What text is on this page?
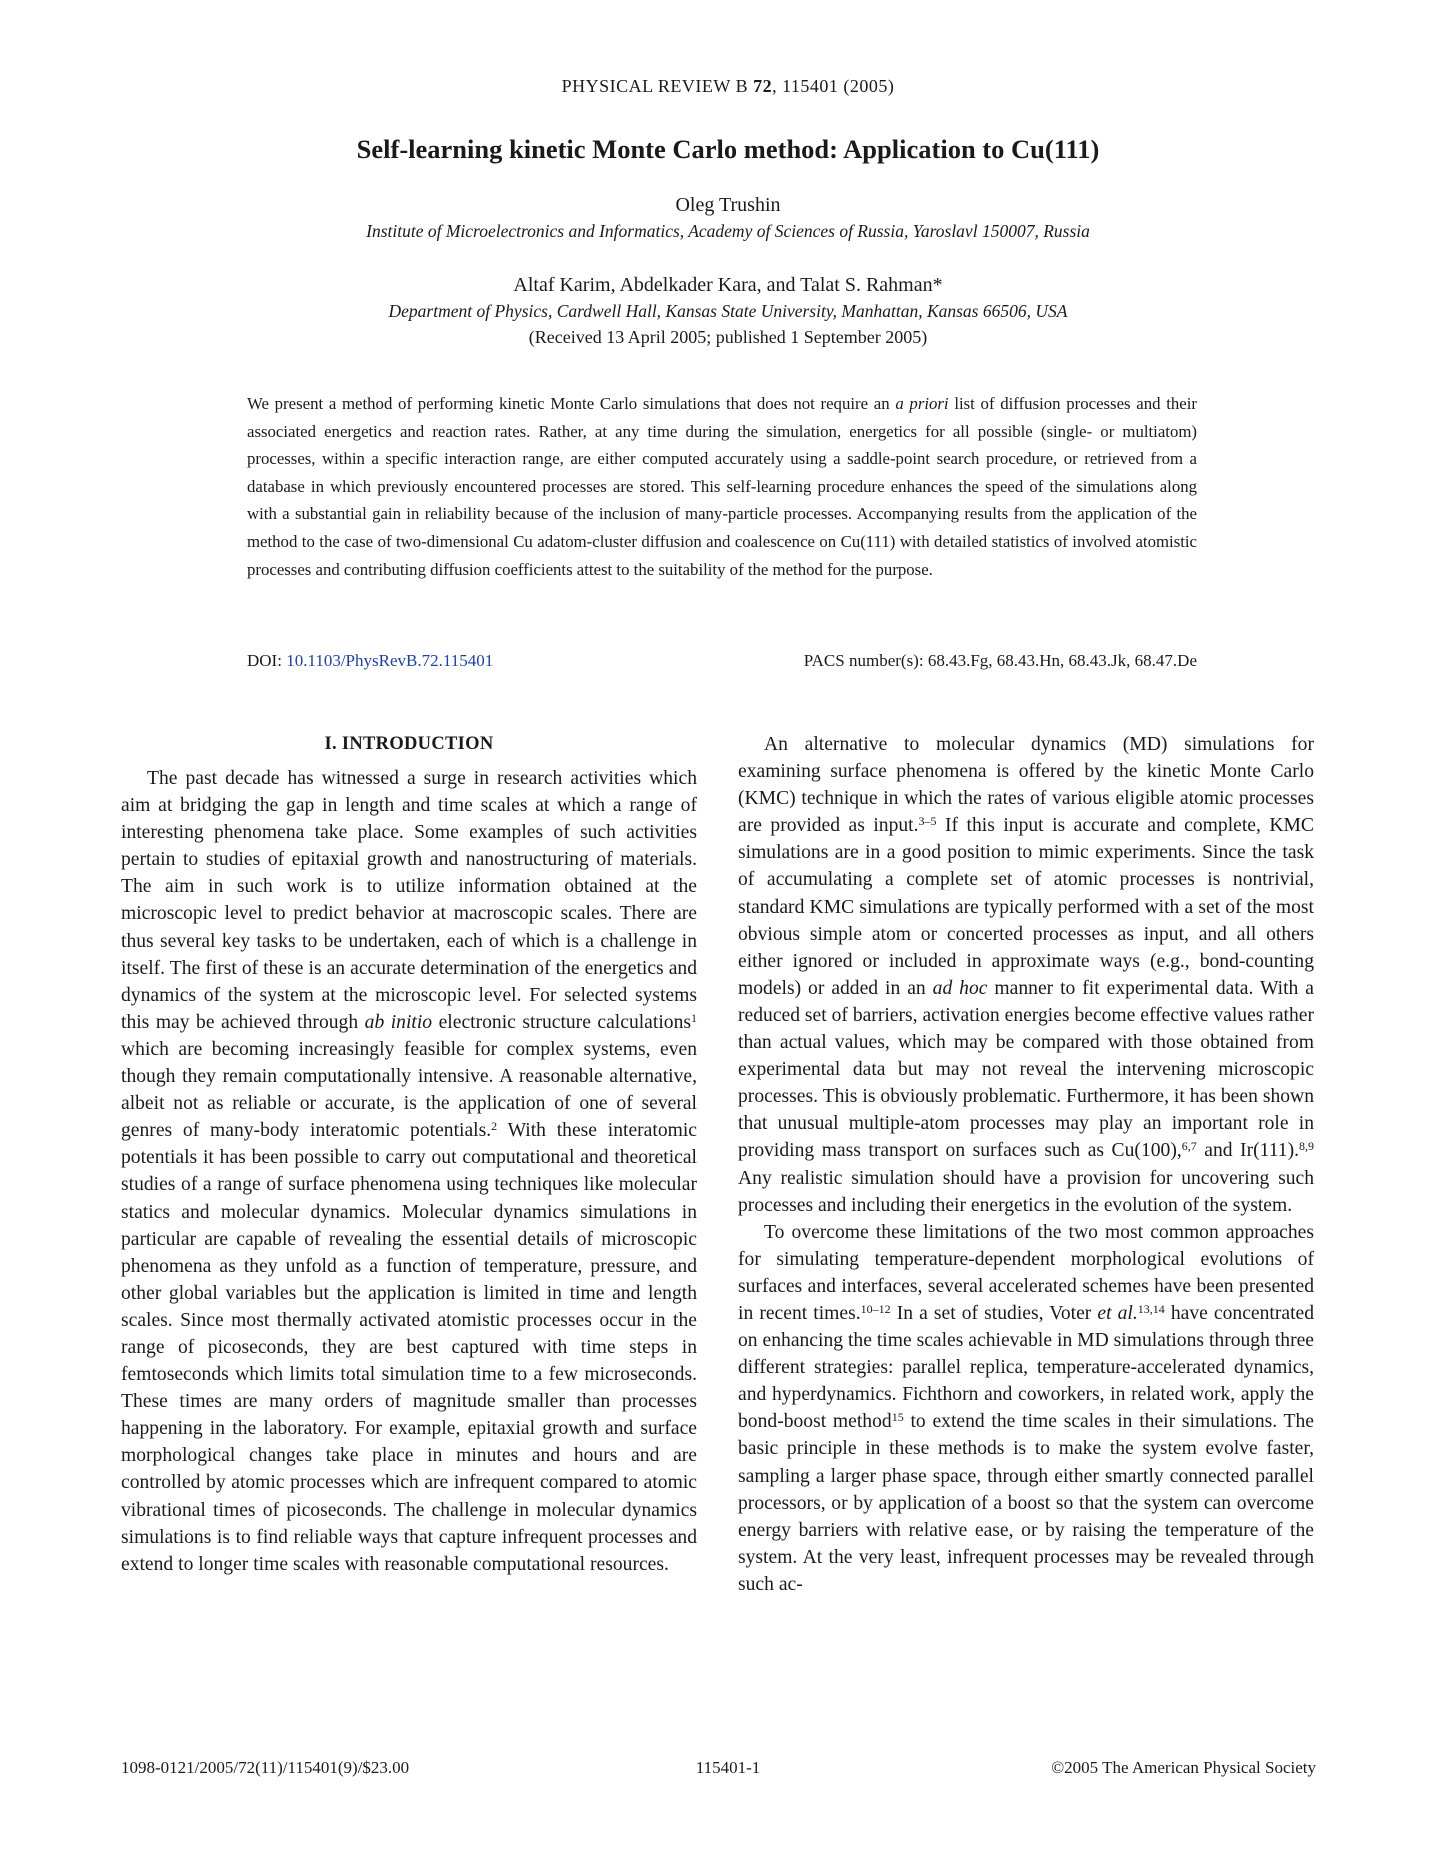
PHYSICAL REVIEW B 72, 115401 (2005)
Self-learning kinetic Monte Carlo method: Application to Cu(111)
Oleg Trushin
Institute of Microelectronics and Informatics, Academy of Sciences of Russia, Yaroslavl 150007, Russia
Altaf Karim, Abdelkader Kara, and Talat S. Rahman*
Department of Physics, Cardwell Hall, Kansas State University, Manhattan, Kansas 66506, USA
(Received 13 April 2005; published 1 September 2005)
We present a method of performing kinetic Monte Carlo simulations that does not require an a priori list of diffusion processes and their associated energetics and reaction rates. Rather, at any time during the simulation, energetics for all possible (single- or multiatom) processes, within a specific interaction range, are either computed accurately using a saddle-point search procedure, or retrieved from a database in which previously encountered processes are stored. This self-learning procedure enhances the speed of the simulations along with a substantial gain in reliability because of the inclusion of many-particle processes. Accompanying results from the application of the method to the case of two-dimensional Cu adatom-cluster diffusion and coalescence on Cu(111) with detailed statistics of involved atomistic processes and contributing diffusion coefficients attest to the suitability of the method for the purpose.
DOI: 10.1103/PhysRevB.72.115401	PACS number(s): 68.43.Fg, 68.43.Hn, 68.43.Jk, 68.47.De
I. INTRODUCTION

The past decade has witnessed a surge in research activities which aim at bridging the gap in length and time scales at which a range of interesting phenomena take place. Some examples of such activities pertain to studies of epitaxial growth and nanostructuring of materials. The aim in such work is to utilize information obtained at the microscopic level to predict behavior at macroscopic scales. There are thus several key tasks to be undertaken, each of which is a challenge in itself. The first of these is an accurate determination of the energetics and dynamics of the system at the microscopic level. For selected systems this may be achieved through ab initio electronic structure calculations$^1$ which are becoming increasingly feasible for complex systems, even though they remain computationally intensive. A reasonable alternative, albeit not as reliable or accurate, is the application of one of several genres of many-body interatomic potentials.$^2$ With these interatomic potentials it has been possible to carry out computational and theoretical studies of a range of surface phenomena using techniques like molecular statics and molecular dynamics. Molecular dynamics simulations in particular are capable of revealing the essential details of microscopic phenomena as they unfold as a function of temperature, pressure, and other global variables but the application is limited in time and length scales. Since most thermally activated atomistic processes occur in the range of picoseconds, they are best captured with time steps in femtoseconds which limits total simulation time to a few microseconds. These times are many orders of magnitude smaller than processes happening in the laboratory. For example, epitaxial growth and surface morphological changes take place in minutes and hours and are controlled by atomic processes which are infrequent compared to atomic vibrational times of picoseconds. The challenge in molecular dynamics simulations is to find reliable ways that capture infrequent processes and extend to longer time scales with reasonable computational resources.

An alternative to molecular dynamics (MD) simulations for examining surface phenomena is offered by the kinetic Monte Carlo (KMC) technique in which the rates of various eligible atomic processes are provided as input.$^{3-5}$ If this input is accurate and complete, KMC simulations are in a good position to mimic experiments. Since the task of accumulating a complete set of atomic processes is nontrivial, standard KMC simulations are typically performed with a set of the most obvious simple atom or concerted processes as input, and all others either ignored or included in approximate ways (e.g., bond-counting models) or added in an ad hoc manner to fit experimental data. With a reduced set of barriers, activation energies become effective values rather than actual values, which may be compared with those obtained from experimental data but may not reveal the intervening microscopic processes. This is obviously problematic. Furthermore, it has been shown that unusual multiple-atom processes may play an important role in providing mass transport on surfaces such as Cu(100),$^{6,7}$ and Ir(111).$^{8,9}$ Any realistic simulation should have a provision for uncovering such processes and including their energetics in the evolution of the system.

To overcome these limitations of the two most common approaches for simulating temperature-dependent morphological evolutions of surfaces and interfaces, several accelerated schemes have been presented in recent times.$^{10-12}$ In a set of studies, Voter et al.$^{13,14}$ have concentrated on enhancing the time scales achievable in MD simulations through three different strategies: parallel replica, temperature-accelerated dynamics, and hyperdynamics. Fichthorn and coworkers, in related work, apply the bond-boost method$^{15}$ to extend the time scales in their simulations. The basic principle in these methods is to make the system evolve faster, sampling a larger phase space, through either smartly connected parallel processors, or by application of a boost so that the system can overcome energy barriers with relative ease, or by raising the temperature of the system. At the very least, infrequent processes may be revealed through such ac-

1098-0121/2005/72(11)/115401(9)/$23.00	115401-1	©2005 The American Physical Society
